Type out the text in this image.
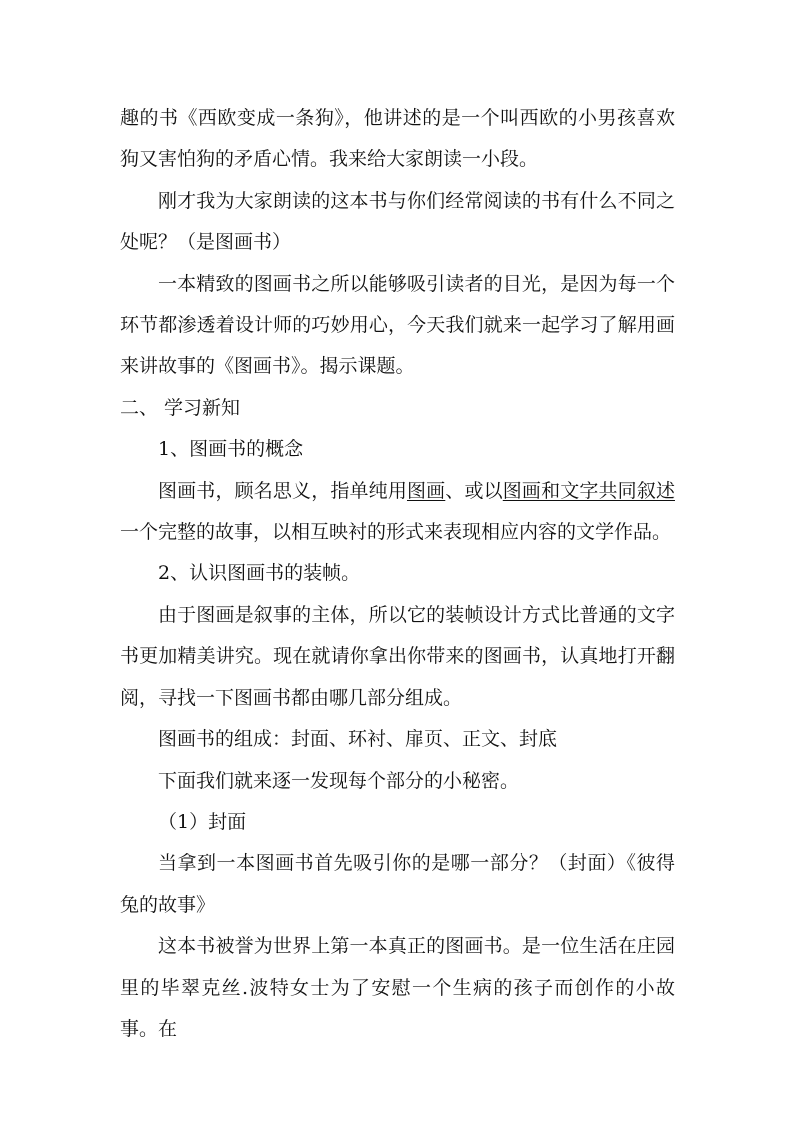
趣的书《西欧变成一条狗》，他讲述的是一个叫西欧的小男孩喜欢狗又害怕狗的矛盾心情。我来给大家朗读一小段。

刚才我为大家朗读的这本书与你们经常阅读的书有什么不同之处呢？（是图画书）

一本精致的图画书之所以能够吸引读者的目光，是因为每一个环节都渗透着设计师的巧妙用心，今天我们就来一起学习了解用画来讲故事的《图画书》。揭示课题。

二、 学习新知

1、图画书的概念

图画书，顾名思义，指单纯用图画、或以图画和文字共同叙述一个完整的故事，以相互映衬的形式来表现相应内容的文学作品。

2、认识图画书的装帧。

由于图画是叙事的主体，所以它的装帧设计方式比普通的文字书更加精美讲究。现在就请你拿出你带来的图画书，认真地打开翻阅，寻找一下图画书都由哪几部分组成。

图画书的组成：封面、环衬、扉页、正文、封底

下面我们就来逐一发现每个部分的小秘密。

（1）封面

当拿到一本图画书首先吸引你的是哪一部分？（封面）《彼得兔的故事》

这本书被誉为世界上第一本真正的图画书。是一位生活在庄园里的毕翠克丝.波特女士为了安慰一个生病的孩子而创作的小故事。在
